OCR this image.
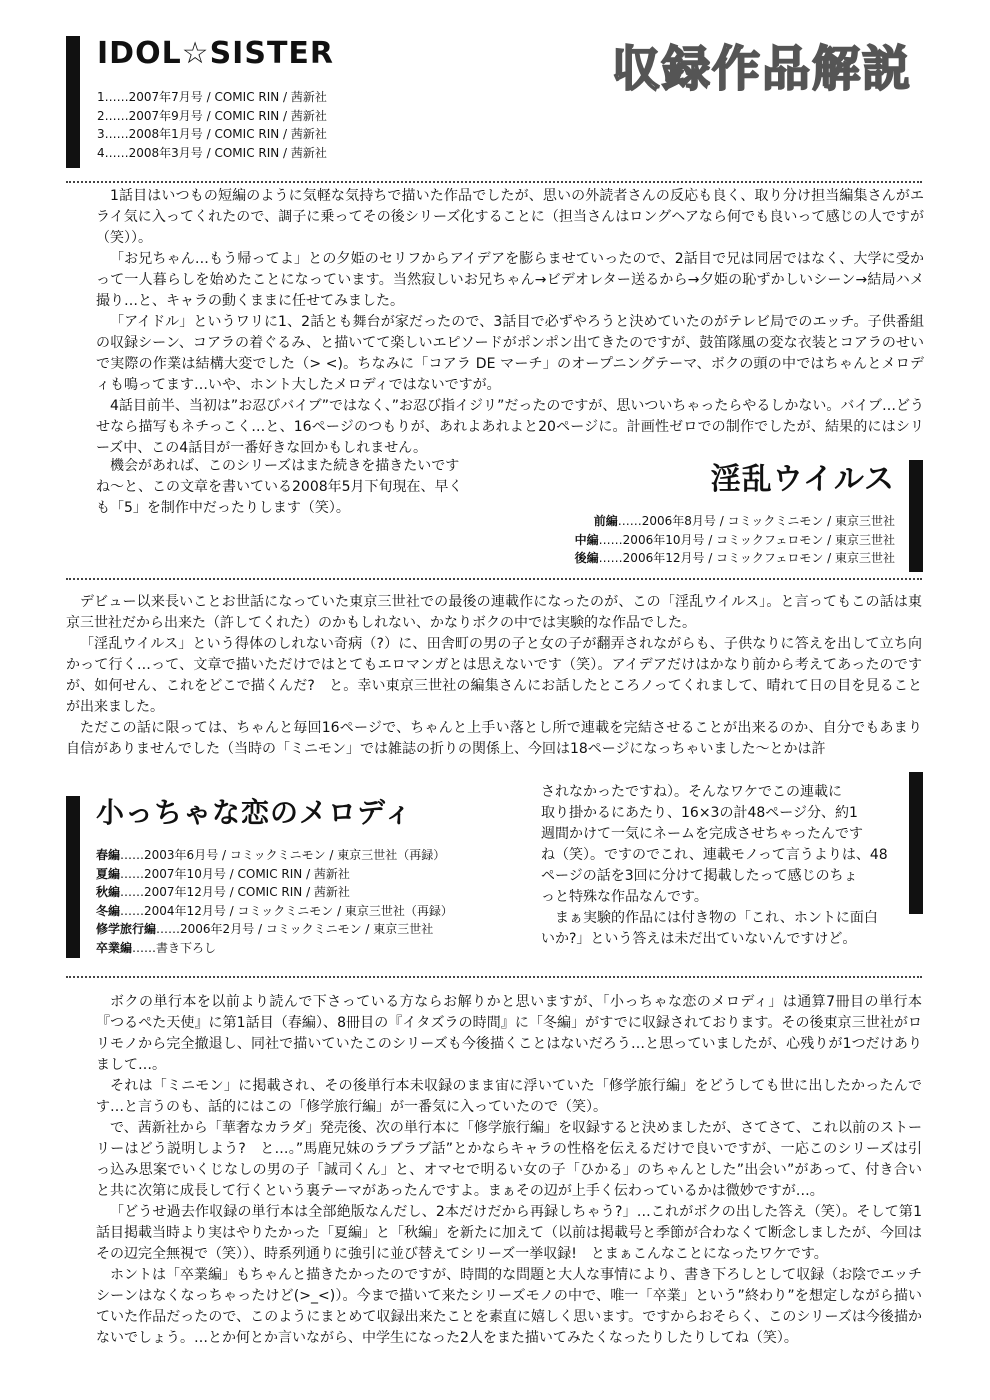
IDOL☆SISTER	収録作品解説
1……2007年7月号 / COMIC RIN / 茜新社
2……2007年9月号 / COMIC RIN / 茜新社
3……2008年1月号 / COMIC RIN / 茜新社
4……2008年3月号 / COMIC RIN / 茜新社

1話目はいつもの短編のように気軽な気持ちで描いた作品でしたが、思いの外読者さんの反応も良く、取り分け担当編集さんがエライ気に入ってくれたので、調子に乗ってその後シリーズ化することに（担当さんはロングヘアなら何でも良いって感じの人ですが（笑））。

「お兄ちゃん…もう帰ってよ」との夕姫のセリフからアイデアを膨らませていったので、2話目で兄は同居ではなく、大学に受かって一人暮らしを始めたことになっています。当然寂しいお兄ちゃん→ビデオレター送るから→夕姫の恥ずかしいシーン→結局ハメ撮り…と、キャラの動くままに任せてみました。

「アイドル」というワリに1、2話とも舞台が家だったので、3話目で必ずやろうと決めていたのがテレビ局でのエッチ。子供番組の収録シーン、コアラの着ぐるみ、と描いてて楽しいエピソードがポンポン出てきたのですが、鼓笛隊風の変な衣装とコアラのせいで実際の作業は結構大変でした（> <)。ちなみに「コアラ DE マーチ」のオープニングテーマ、ボクの頭の中ではちゃんとメロディも鳴ってます…いや、ホント大したメロディではないですが。

4話目前半、当初は”お忍びバイブ”ではなく、”お忍び指イジリ”だったのですが、思いついちゃったらやるしかない。バイブ…どうせなら描写もネチっこく…と、16ページのつもりが、あれよあれよと20ページに。計画性ゼロでの制作でしたが、結果的にはシリーズ中、この4話目が一番好きな回かもしれません。

機会があれば、このシリーズはまた続きを描きたいです
ね〜と、この文章を書いている2008年5月下旬現在、早く
も「5」を制作中だったりします（笑）。
淫乱ウイルス
前編……2006年8月号 / コミックミニモン / 東京三世社
中編……2006年10月号 / コミックフェロモン / 東京三世社
後編……2006年12月号 / コミックフェロモン / 東京三世社

デビュー以来長いことお世話になっていた東京三世社での最後の連載作になったのが、この「淫乱ウイルス」。と言ってもこの話は東京三世社だから出来た（許してくれた）のかもしれない、かなりボクの中では実験的な作品でした。

「淫乱ウイルス」という得体のしれない奇病（?）に、田舎町の男の子と女の子が翻弄されながらも、子供なりに答えを出して立ち向かって行く…って、文章で描いただけではとてもエロマンガとは思えないです（笑）。アイデアだけはかなり前から考えてあったのですが、如何せん、これをどこで描くんだ?　と。幸い東京三世社の編集さんにお話したところノってくれまして、晴れて日の目を見ることが出来ました。

ただこの話に限っては、ちゃんと毎回16ページで、ちゃんと上手い落とし所で連載を完結させることが出来るのか、自分でもあまり自信がありませんでした（当時の「ミニモン」では雑誌の折りの関係上、今回は18ページになっちゃいました〜とかは許

されなかったですね）。そんなワケでこの連載に
取り掛かるにあたり、16×3の計48ページ分、約1
週間かけて一気にネームを完成させちゃったんです
ね（笑）。ですのでこれ、連載モノって言うよりは、48
ページの話を3回に分けて掲載したって感じのちょ
っと特殊な作品なんです。
　まぁ実験的作品には付き物の「これ、ホントに面白
いか?」という答えは未だ出ていないんですけど。
小っちゃな恋のメロディ
春編……2003年6月号 / コミックミニモン / 東京三世社（再録）
夏編……2007年10月号 / COMIC RIN / 茜新社
秋編……2007年12月号 / COMIC RIN / 茜新社
冬編……2004年12月号 / コミックミニモン / 東京三世社（再録）
修学旅行編……2006年2月号 / コミックミニモン / 東京三世社
卒業編……書き下ろし

ボクの単行本を以前より読んで下さっている方ならお解りかと思いますが、「小っちゃな恋のメロディ」は通算7冊目の単行本『つるぺた天使』に第1話目（春編）、8冊目の『イタズラの時間』に「冬編」がすでに収録されております。その後東京三世社がロリモノから完全撤退し、同社で描いていたこのシリーズも今後描くことはないだろう…と思っていましたが、心残りが1つだけありまして…。

それは「ミニモン」に掲載され、その後単行本未収録のまま宙に浮いていた「修学旅行編」をどうしても世に出したかったんです…と言うのも、話的にはこの「修学旅行編」が一番気に入っていたので（笑）。

で、茜新社から「華奢なカラダ」発売後、次の単行本に「修学旅行編」を収録すると決めましたが、さてさて、これ以前のストーリーはどう説明しよう?　と…。”馬鹿兄妹のラブラブ話”とかならキャラの性格を伝えるだけで良いですが、一応このシリーズは引っ込み思案でいくじなしの男の子「誠司くん」と、オマセで明るい女の子「ひかる」のちゃんとした”出会い”があって、付き合いと共に次第に成長して行くという裏テーマがあったんですよ。まぁその辺が上手く伝わっているかは微妙ですが…。

「どうせ過去作収録の単行本は全部絶版なんだし、2本だけだから再録しちゃう?」…これがボクの出した答え（笑）。そして第1話目掲載当時より実はやりたかった「夏編」と「秋編」を新たに加えて（以前は掲載号と季節が合わなくて断念しましたが、今回はその辺完全無視で（笑））、時系列通りに強引に並び替えてシリーズ一挙収録!　とまぁこんなことになったワケです。

ホントは「卒業編」もちゃんと描きたかったのですが、時間的な問題と大人な事情により、書き下ろしとして収録（お陰でエッチシーンはなくなっちゃったけど(>_<)）。今まで描いて来たシリーズモノの中で、唯一「卒業」という”終わり”を想定しながら描いていた作品だったので、このようにまとめて収録出来たことを素直に嬉しく思います。ですからおそらく、このシリーズは今後描かないでしょう。…とか何とか言いながら、中学生になった2人をまた描いてみたくなったりしたりしてね（笑）。
